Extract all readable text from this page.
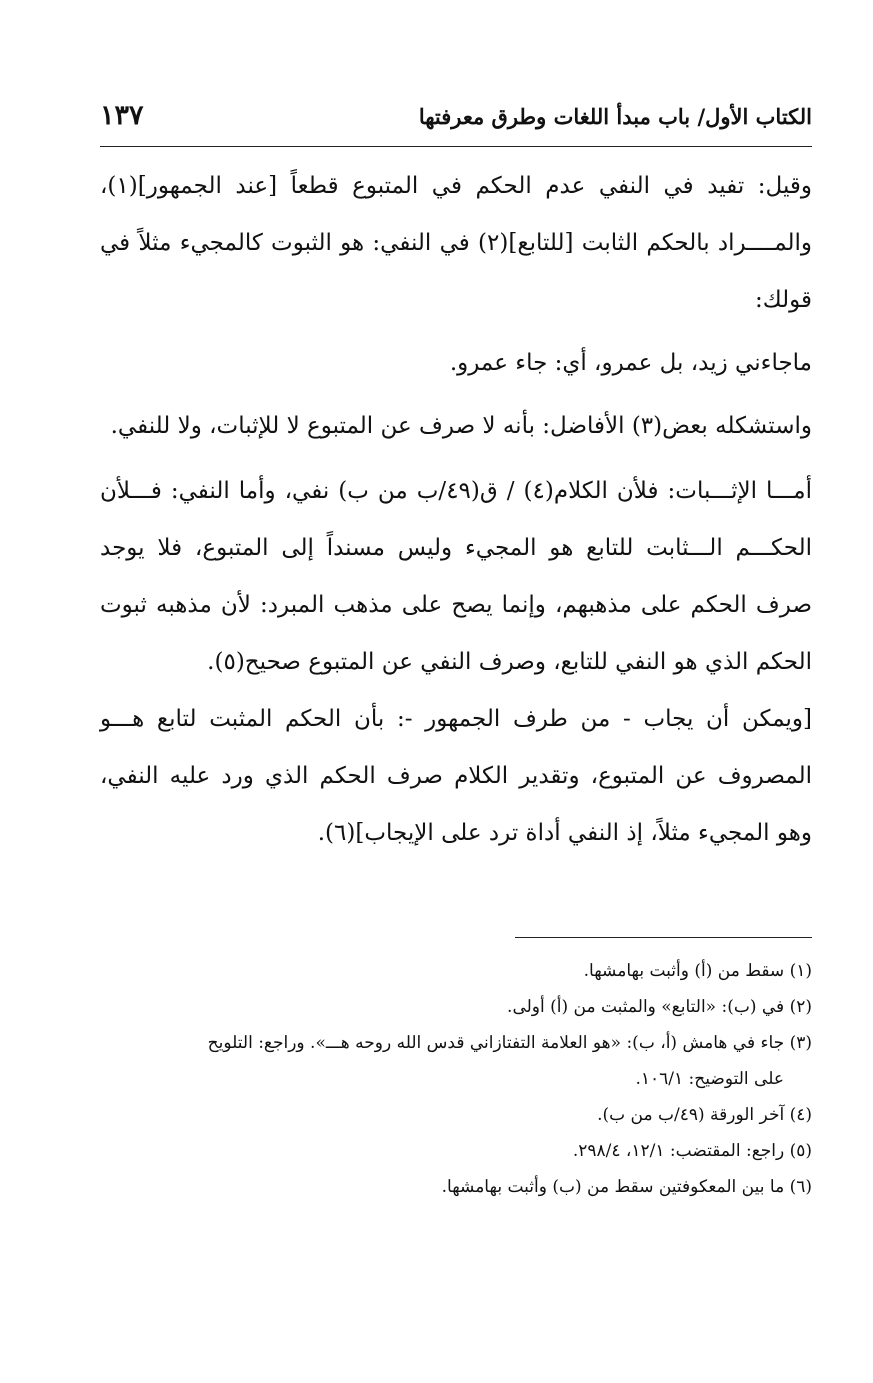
الكتاب الأول/ باب مبدأ اللغات وطرق معرفتها
١٣٧

وقيل: تفيد في النفي عدم الحكم في المتبوع قطعاً [عند الجمهور](١)، والمــــراد بالحكم الثابت [للتابع](٢) في النفي: هو الثبوت كالمجيء مثلاً في قولك:

ماجاءني زيد، بل عمرو، أي: جاء عمرو.

واستشكله بعض(٣) الأفاضل: بأنه لا صرف عن المتبوع لا للإثبات، ولا للنفي.

أمـــا الإثـــبات: فلأن الكلام(٤) / ق(٤٩/ب من ب) نفي، وأما النفي: فـــلأن الحكـــم الـــثابت للتابع هو المجيء وليس مسنداً إلى المتبوع، فلا يوجد صرف الحكم على مذهبهم، وإنما يصح على مذهب المبرد: لأن مذهبه ثبوت الحكم الذي هو النفي للتابع، وصرف النفي عن المتبوع صحيح(٥).

[ويمكن أن يجاب - من طرف الجمهور -: بأن الحكم المثبت لتابع هـــو المصروف عن المتبوع، وتقدير الكلام صرف الحكم الذي ورد عليه النفي، وهو المجيء مثلاً، إذ النفي أداة ترد على الإيجاب](٦).

(١) سقط من (أ) وأثبت بهامشها.

(٢) في (ب): «التابع» والمثبت من (أ) أولى.

(٣) جاء في هامش (أ، ب): «هو العلامة التفتازاني قدس الله روحه هـــ». وراجع: التلويح

على التوضيح: ١٠٦/١.

(٤) آخر الورقة (٤٩/ب من ب).

(٥) راجع: المقتضب: ١٢/١، ٢٩٨/٤.

(٦) ما بين المعكوفتين سقط من (ب) وأثبت بهامشها.
